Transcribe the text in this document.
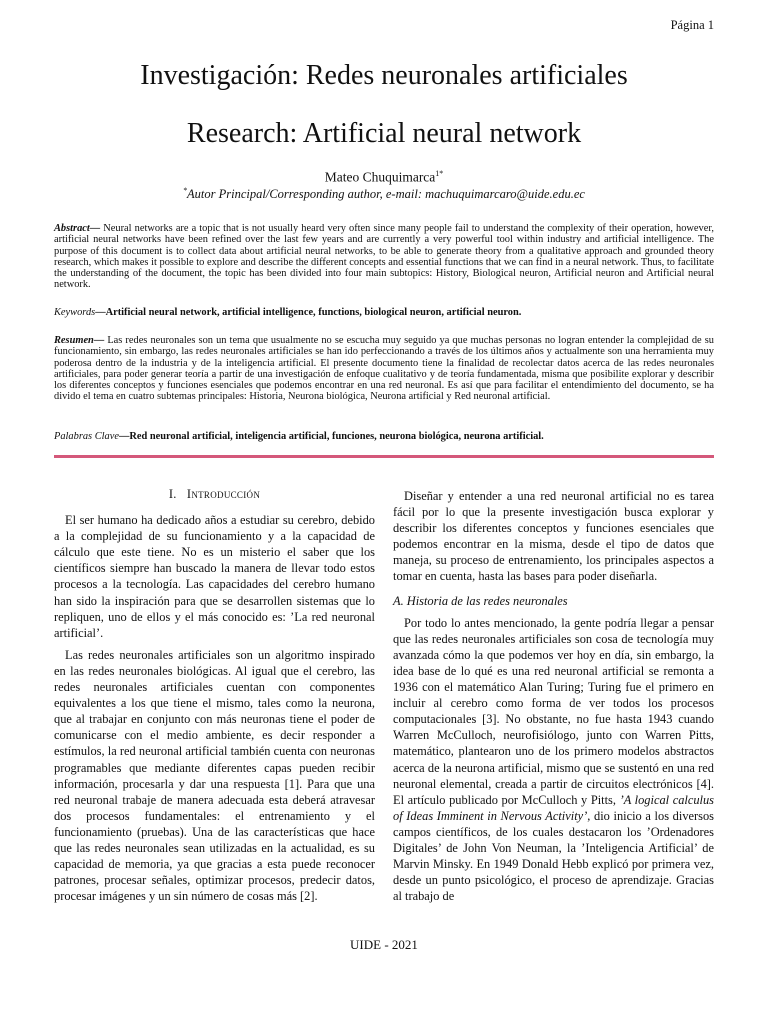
Página 1
Investigación: Redes neuronales artificiales
Research: Artificial neural network
Mateo Chuquimarca$^{1*}$
*Autor Principal/Corresponding author, e-mail: machuquimarcaro@uide.edu.ec

Abstract— Neural networks are a topic that is not usually heard very often since many people fail to understand the complexity of their operation, however, artificial neural networks have been refined over the last few years and are currently a very powerful tool within industry and artificial intelligence. The purpose of this document is to collect data about artificial neural networks, to be able to generate theory from a qualitative approach and grounded theory research, which makes it possible to explore and describe the different concepts and essential functions that we can find in a neural network. Thus, to facilitate the understanding of the document, the topic has been divided into four main subtopics: History, Biological neuron, Artificial neuron and Artificial neural network.

Keywords—Artificial neural network, artificial intelligence, functions, biological neuron, artificial neuron.

Resumen— Las redes neuronales son un tema que usualmente no se escucha muy seguido ya que muchas personas no logran entender la complejidad de su funcionamiento, sin embargo, las redes neuronales artificiales se han ido perfeccionando a través de los últimos años y actualmente son una herramienta muy poderosa dentro de la industria y de la inteligencia artificial. El presente documento tiene la finalidad de recolectar datos acerca de las redes neuronales artificiales, para poder generar teoría a partir de una investigación de enfoque cualitativo y de teoría fundamentada, misma que posibilite explorar y describir los diferentes conceptos y funciones esenciales que podemos encontrar en una red neuronal. Es así que para facilitar el entendimiento del documento, se ha divido el tema en cuatro subtemas principales: Historia, Neurona biológica, Neurona artificial y Red neuronal artificial.

Palabras Clave—Red neuronal artificial, inteligencia artificial, funciones, neurona biológica, neurona artificial.

I. Introducción

El ser humano ha dedicado años a estudiar su cerebro, debido a la complejidad de su funcionamiento y a la capacidad de cálculo que este tiene. No es un misterio el saber que los científicos siempre han buscado la manera de llevar todo estos procesos a la tecnología. Las capacidades del cerebro humano han sido la inspiración para que se desarrollen sistemas que lo repliquen, uno de ellos y el más conocido es: ’La red neuronal artificial’.

Las redes neuronales artificiales son un algoritmo inspirado en las redes neuronales biológicas. Al igual que el cerebro, las redes neuronales artificiales cuentan con componentes equivalentes a los que tiene el mismo, tales como la neurona, que al trabajar en conjunto con más neuronas tiene el poder de comunicarse con el medio ambiente, es decir responder a estímulos, la red neuronal artificial también cuenta con neuronas programables que mediante diferentes capas pueden recibir información, procesarla y dar una respuesta [1]. Para que una red neuronal trabaje de manera adecuada esta deberá atravesar dos procesos fundamentales: el entrenamiento y el funcionamiento (pruebas). Una de las características que hace que las redes neuronales sean utilizadas en la actualidad, es su capacidad de memoria, ya que gracias a esta puede reconocer patrones, procesar señales, optimizar procesos, predecir datos, procesar imágenes y un sin número de cosas más [2].

Diseñar y entender a una red neuronal artificial no es tarea fácil por lo que la presente investigación busca explorar y describir los diferentes conceptos y funciones esenciales que podemos encontrar en la misma, desde el tipo de datos que maneja, su proceso de entrenamiento, los principales aspectos a tomar en cuenta, hasta las bases para poder diseñarla.

A. Historia de las redes neuronales

Por todo lo antes mencionado, la gente podría llegar a pensar que las redes neuronales artificiales son cosa de tecnología muy avanzada cómo la que podemos ver hoy en día, sin embargo, la idea base de lo qué es una red neuronal artificial se remonta a 1936 con el matemático Alan Turing; Turing fue el primero en incluir al cerebro como forma de ver todos los procesos computacionales [3]. No obstante, no fue hasta 1943 cuando Warren McCulloch, neurofisiólogo, junto con Warren Pitts, matemático, plantearon uno de los primero modelos abstractos acerca de la neurona artificial, mismo que se sustentó en una red neuronal elemental, creada a partir de circuitos electrónicos [4]. El artículo publicado por McCulloch y Pitts, ’A logical calculus of Ideas Imminent in Nervous Activity’, dio inicio a los diversos campos científicos, de los cuales destacaron los ’Ordenadores Digitales’ de John Von Neuman, la ’Inteligencia Artificial’ de Marvin Minsky. En 1949 Donald Hebb explicó por primera vez, desde un punto psicológico, el proceso de aprendizaje. Gracias al trabajo de

UIDE - 2021
